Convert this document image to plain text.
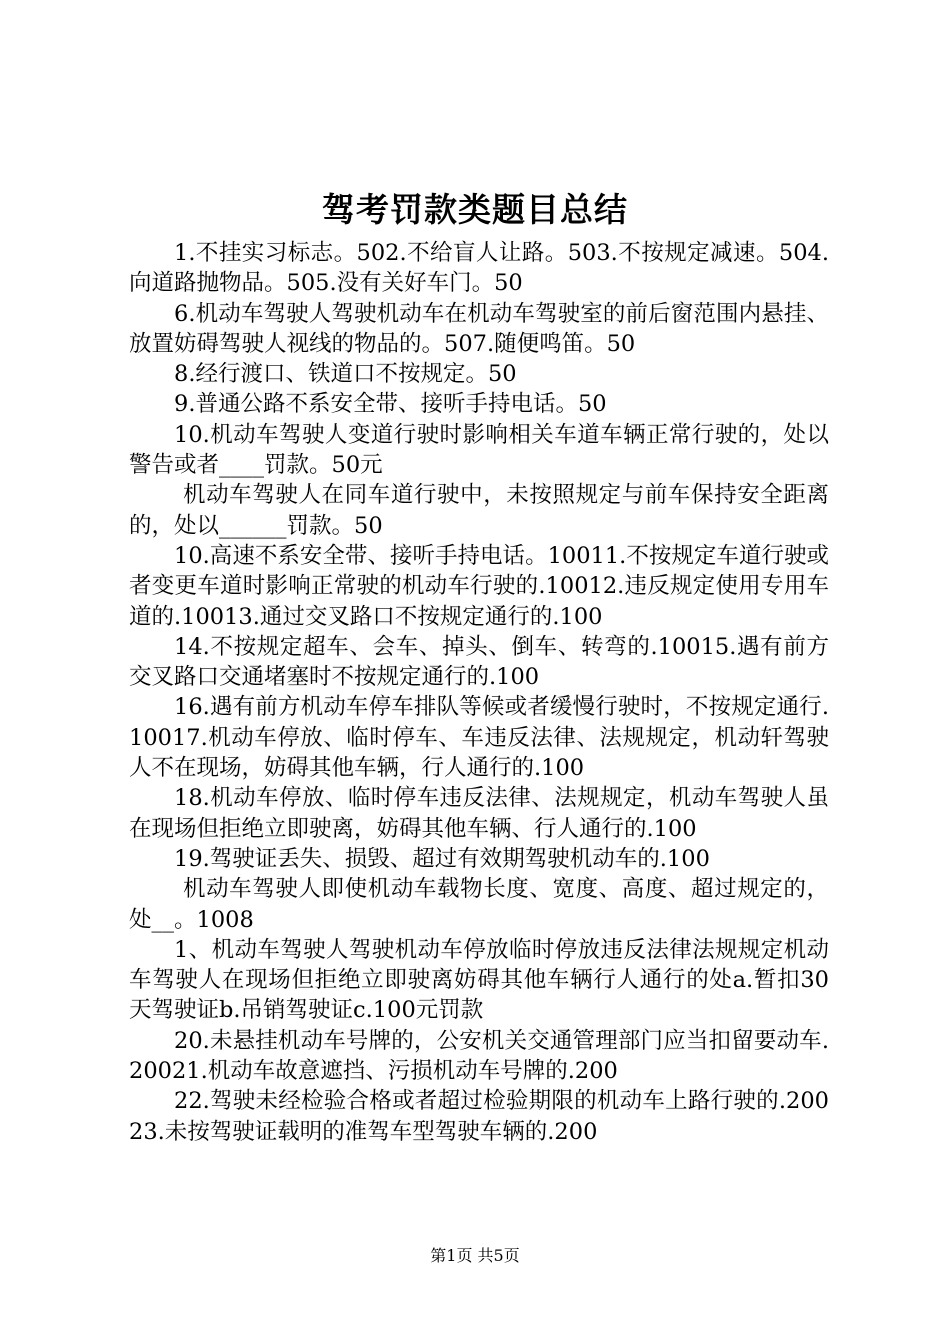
驾考罚款类题目总结

1.不挂实习标志。502.不给盲人让路。503.不按规定减速。504.向道路抛物品。505.没有关好车门。50

6.机动车驾驶人驾驶机动车在机动车驾驶室的前后窗范围内悬挂、放置妨碍驾驶人视线的物品的。507.随便鸣笛。50

8.经行渡口、铁道口不按规定。50

9.普通公路不系安全带、接听手持电话。50

10.机动车驾驶人变道行驶时影响相关车道车辆正常行驶的，处以警告或者____罚款。50元

机动车驾驶人在同车道行驶中，未按照规定与前车保持安全距离的，处以______罚款。50

10.高速不系安全带、接听手持电话。10011.不按规定车道行驶或者变更车道时影响正常驶的机动车行驶的.10012.违反规定使用专用车道的.10013.通过交叉路口不按规定通行的.100

14.不按规定超车、会车、掉头、倒车、转弯的.10015.遇有前方交叉路口交通堵塞时不按规定通行的.100

16.遇有前方机动车停车排队等候或者缓慢行驶时，不按规定通行.10017.机动车停放、临时停车、车违反法律、法规规定，机动轩驾驶人不在现场，妨碍其他车辆，行人通行的.100

18.机动车停放、临时停车违反法律、法规规定，机动车驾驶人虽在现场但拒绝立即驶离，妨碍其他车辆、行人通行的.100

19.驾驶证丢失、损毁、超过有效期驾驶机动车的.100

机动车驾驶人即使机动车载物长度、宽度、高度、超过规定的，处__。1008

1、机动车驾驶人驾驶机动车停放临时停放违反法律法规规定机动车驾驶人在现场但拒绝立即驶离妨碍其他车辆行人通行的处a.暂扣30天驾驶证b.吊销驾驶证c.100元罚款

20.未悬挂机动车号牌的，公安机关交通管理部门应当扣留要动车.20021.机动车故意遮挡、污损机动车号牌的.200

22.驾驶未经检验合格或者超过检验期限的机动车上路行驶的.20023.未按驾驶证载明的准驾车型驾驶车辆的.200

第1页 共5页
